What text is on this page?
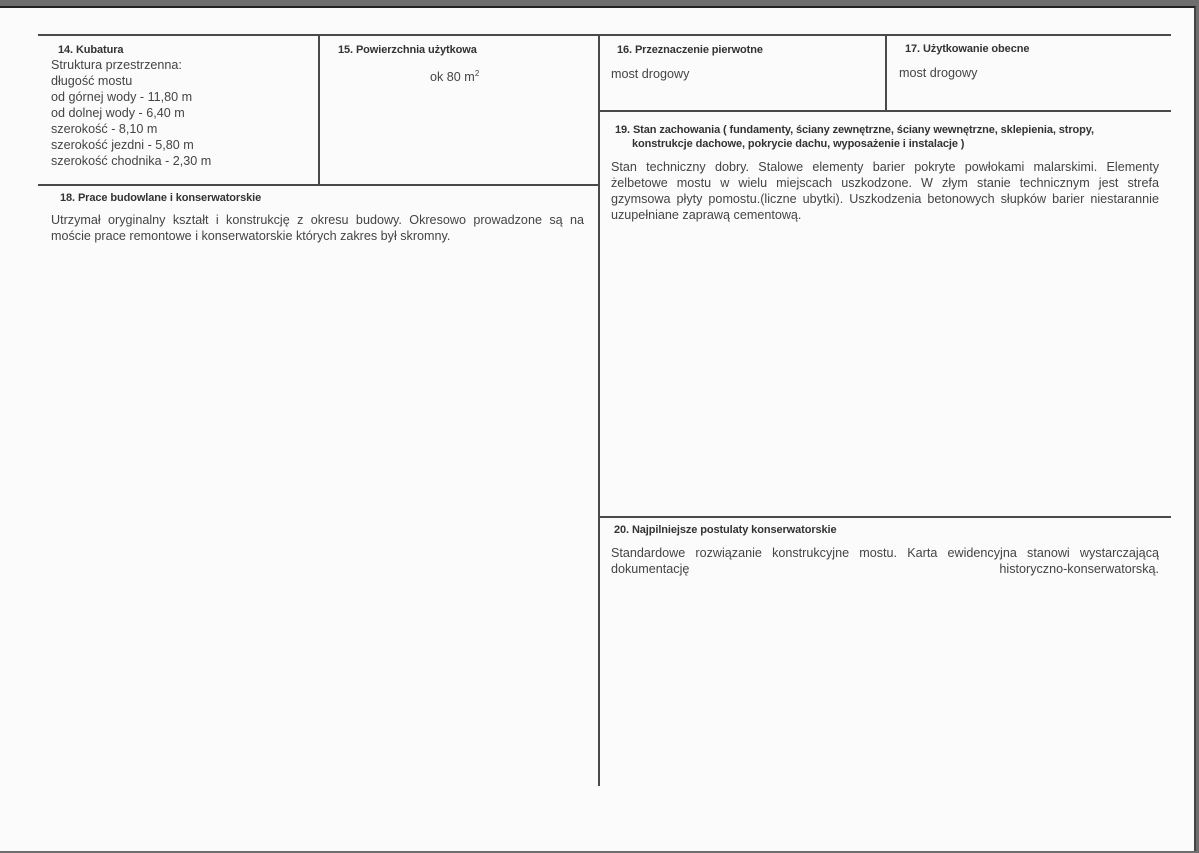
14. Kubatura
Struktura przestrzenna:
długość mostu
od górnej wody - 11,80 m
od dolnej wody - 6,40 m
szerokość - 8,10 m
szerokość jezdni - 5,80 m
szerokość chodnika - 2,30 m
15. Powierzchnia użytkowa
ok 80 $m^2$
16. Przeznaczenie pierwotne
most drogowy
17. Użytkowanie obecne
most drogowy
18. Prace budowlane i konserwatorskie
Utrzymał oryginalny kształt i konstrukcję z okresu budowy. Okresowo prowadzone są na moście prace remontowe i konserwatorskie których zakres był skromny.
19. Stan zachowania ( fundamenty, ściany zewnętrzne, ściany wewnętrzne, sklepienia, stropy,
konstrukcje dachowe, pokrycie dachu, wyposażenie i instalacje )
Stan techniczny dobry. Stalowe elementy barier pokryte powłokami malarskimi. Elementy żelbetowe mostu w wielu miejscach uszkodzone. W złym stanie technicznym jest strefa gzymsowa płyty pomostu.(liczne ubytki). Uszkodzenia betonowych słupków barier niestarannie uzupełniane zaprawą cementową.
20. Najpilniejsze postulaty konserwatorskie
Standardowe rozwiązanie konstrukcyjne mostu. Karta ewidencyjna stanowi wystarczającą dokumentację historyczno-konserwatorską.
